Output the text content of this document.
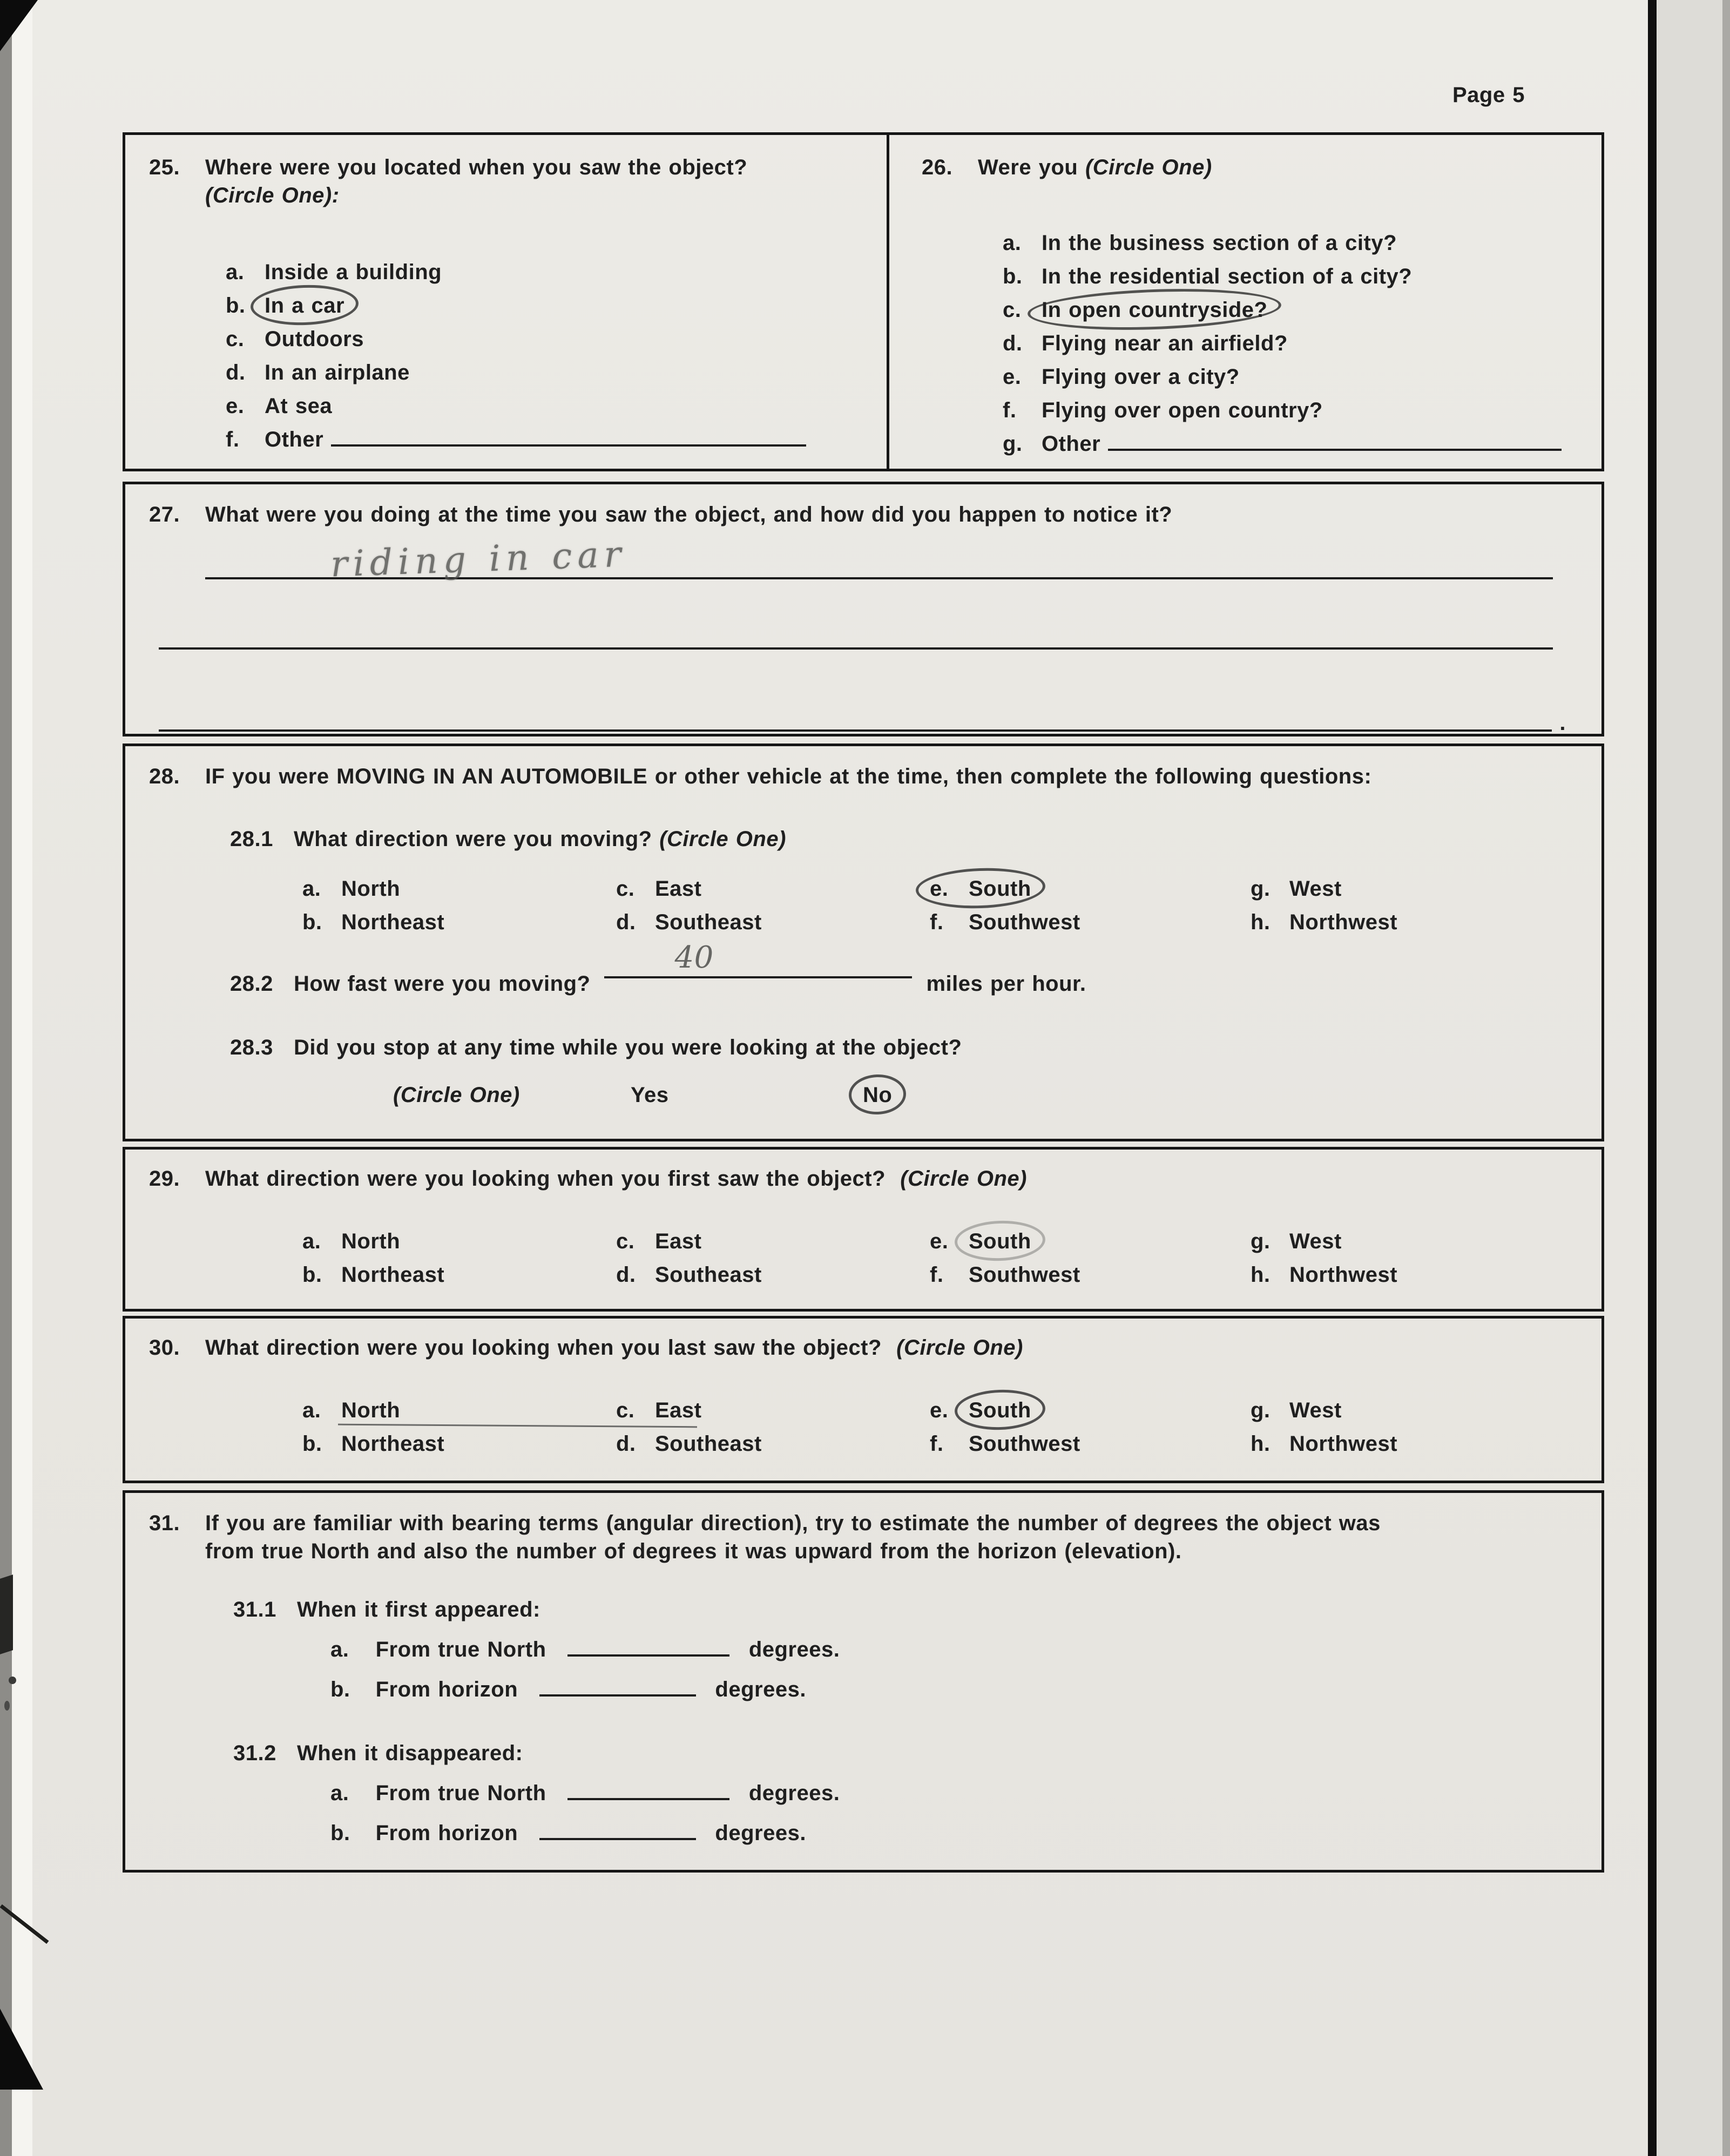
Page 5
25.	Where were you located when you saw the object?
(Circle One):
a. Inside a building
b. In a car
c. Outdoors
d. In an airplane
e. At sea
f. Other
26.	Were you (Circle One)
a. In the business section of a city?
b. In the residential section of a city?
c. In open countryside?
d. Flying near an airfield?
e. Flying over a city?
f. Flying over open country?
g. Other
27.	What were you doing at the time you saw the object, and how did you happen to notice it?
riding in car
.
28.	IF you were MOVING IN AN AUTOMOBILE or other vehicle at the time, then complete the following questions:
28.1 What direction were you moving?
(Circle One)
a. North
b. Northeast
c. East
d. Southeast
e. South
f. Southwest
g. West
h. Northwest
28.2 How fast were you moving?
40
miles per hour.
28.3 Did you stop at any time while you were looking at the object?
(Circle One)	Yes	No
29.	What direction were you looking when you first saw the object? (Circle One)
a. North
b. Northeast
c. East
d. Southeast
e. South
f. Southwest
g. West
h. Northwest
30.	What direction were you looking when you last saw the object? (Circle One)
a. North
b. Northeast
c. East
d. Southeast
e. South
f. Southwest
g. West
h. Northwest
31.	If you are familiar with bearing terms (angular direction), try to estimate the number of degrees the object was from true North and also the number of degrees it was upward from the horizon (elevation).
31.1 When it first appeared:
a. From true North	degrees.
b. From horizon	degrees.
31.2 When it disappeared:
a. From true North	degrees.
b. From horizon	degrees.
